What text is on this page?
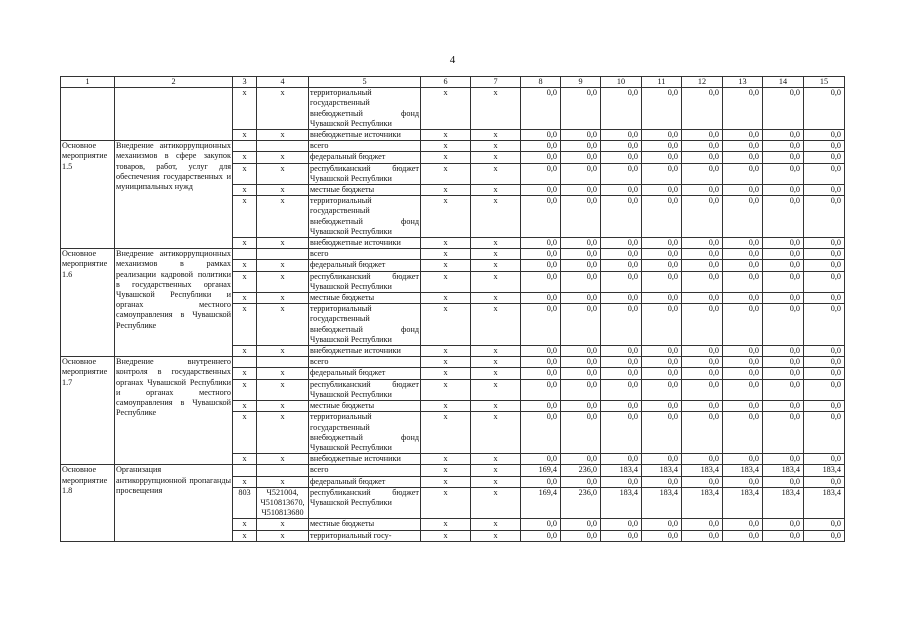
4
1	2	3	4	5	6	7	8	9	10	11	12	13	14	15
		х	х	территориальный государственный внебюджетный фонд Чувашской Республики	х	х	0,0	0,0	0,0	0,0	0,0	0,0	0,0	0,0
		х	х	внебюджетные источники	х	х	0,0	0,0	0,0	0,0	0,0	0,0	0,0	0,0
Основное мероприятие 1.5	Внедрение антикоррупционных механизмов в сфере закупок товаров, работ, услуг для обеспечения государственных и муниципальных нужд			всего	х	х	0,0	0,0	0,0	0,0	0,0	0,0	0,0	0,0
		х	х	федеральный бюджет	х	х	0,0	0,0	0,0	0,0	0,0	0,0	0,0	0,0
		х	х	республиканский бюджет Чувашской Республики	х	х	0,0	0,0	0,0	0,0	0,0	0,0	0,0	0,0
		х	х	местные бюджеты	х	х	0,0	0,0	0,0	0,0	0,0	0,0	0,0	0,0
		х	х	территориальный государственный внебюджетный фонд Чувашской Республики	х	х	0,0	0,0	0,0	0,0	0,0	0,0	0,0	0,0
		х	х	внебюджетные источники	х	х	0,0	0,0	0,0	0,0	0,0	0,0	0,0	0,0
Основное мероприятие 1.6	Внедрение антикоррупционных механизмов в рамках реализации кадровой политики в государственных органах Чувашской Республики и органах местного самоуправления в Чувашской Республике			всего	х	х	0,0	0,0	0,0	0,0	0,0	0,0	0,0	0,0
		х	х	федеральный бюджет	х	х	0,0	0,0	0,0	0,0	0,0	0,0	0,0	0,0
		х	х	республиканский бюджет Чувашской Республики	х	х	0,0	0,0	0,0	0,0	0,0	0,0	0,0	0,0
		х	х	местные бюджеты	х	х	0,0	0,0	0,0	0,0	0,0	0,0	0,0	0,0
		х	х	территориальный государственный внебюджетный фонд Чувашской Республики	х	х	0,0	0,0	0,0	0,0	0,0	0,0	0,0	0,0
		х	х	внебюджетные источники	х	х	0,0	0,0	0,0	0,0	0,0	0,0	0,0	0,0
Основное мероприятие 1.7	Внедрение внутреннего контроля в государственных органах Чувашской Республики и органах местного самоуправления в Чувашской Республике			всего	х	х	0,0	0,0	0,0	0,0	0,0	0,0	0,0	0,0
		х	х	федеральный бюджет	х	х	0,0	0,0	0,0	0,0	0,0	0,0	0,0	0,0
		х	х	республиканский бюджет Чувашской Республики	х	х	0,0	0,0	0,0	0,0	0,0	0,0	0,0	0,0
		х	х	местные бюджеты	х	х	0,0	0,0	0,0	0,0	0,0	0,0	0,0	0,0
		х	х	территориальный государственный внебюджетный фонд Чувашской Республики	х	х	0,0	0,0	0,0	0,0	0,0	0,0	0,0	0,0
		х	х	внебюджетные источники	х	х	0,0	0,0	0,0	0,0	0,0	0,0	0,0	0,0
Основное мероприятие 1.8	Организация антикоррупционной пропаганды просвещения			всего	х	х	169,4	236,0	183,4	183,4	183,4	183,4	183,4	183,4
		х	х	федеральный бюджет	х	х	0,0	0,0	0,0	0,0	0,0	0,0	0,0	0,0
		803	Ч521004, Ч510813670, Ч510813680	республиканский бюджет Чувашской Республики	х	х	169,4	236,0	183,4	183,4	183,4	183,4	183,4	183,4
		х	х	местные бюджеты	х	х	0,0	0,0	0,0	0,0	0,0	0,0	0,0	0,0
		х	х	территориальный госу-	х	х	0,0	0,0	0,0	0,0	0,0	0,0	0,0	0,0
